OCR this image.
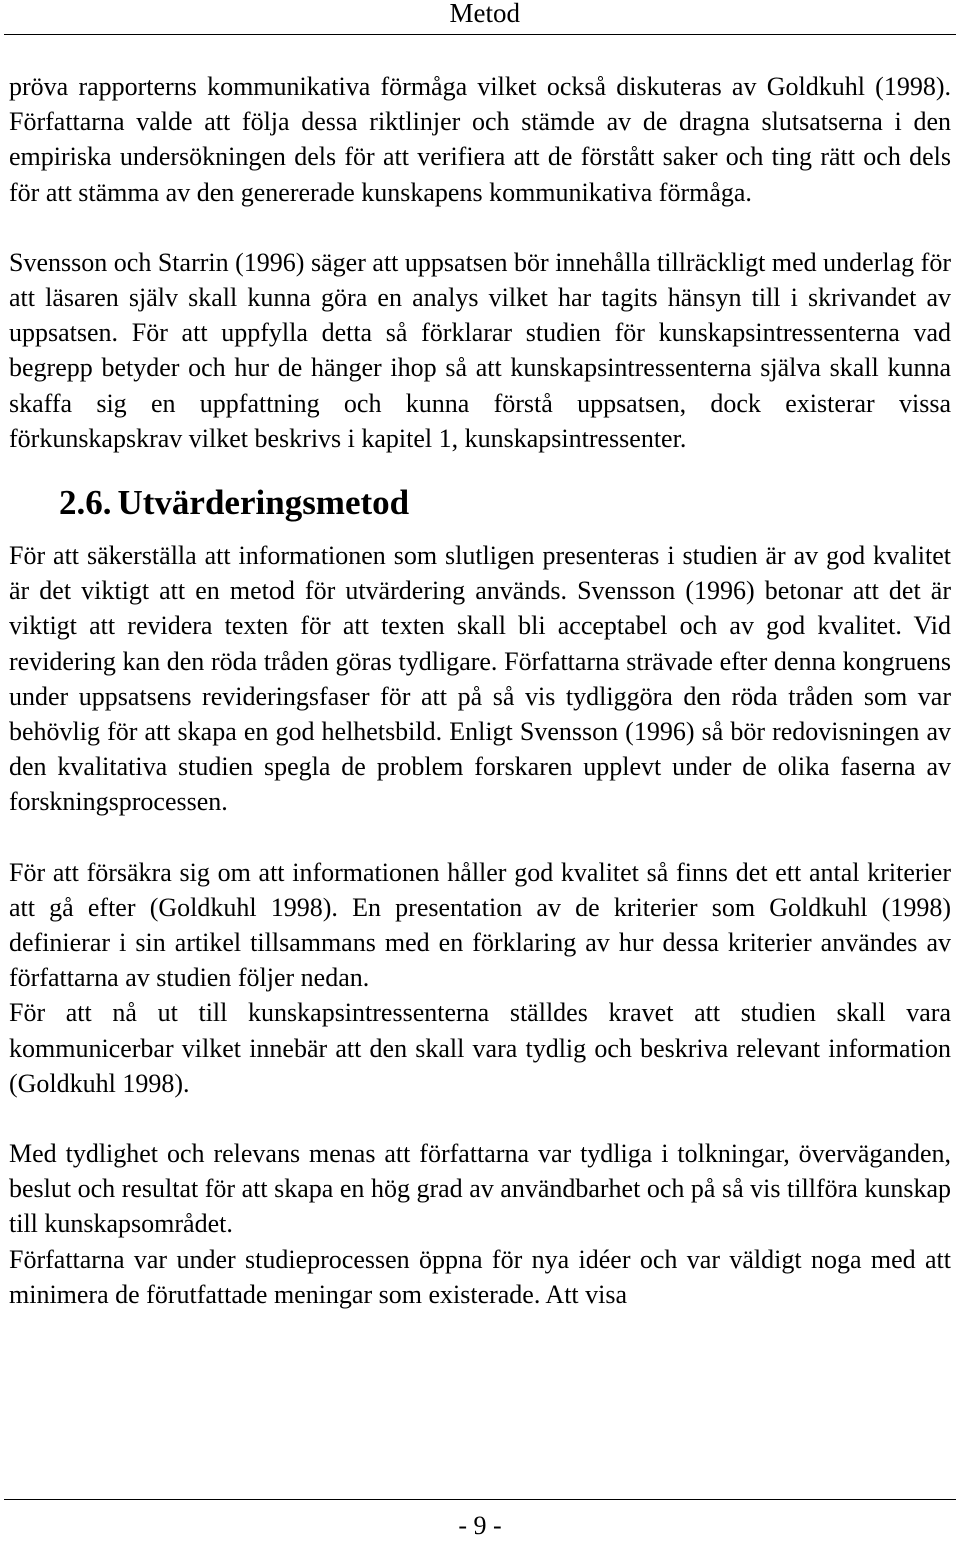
Metod

pröva rapporterns kommunikativa förmåga vilket också diskuteras av Goldkuhl (1998). Författarna valde att följa dessa riktlinjer och stämde av de dragna slutsatserna i den empiriska undersökningen dels för att verifiera att de förstått saker och ting rätt och dels för att stämma av den genererade kunskapens kommunikativa förmåga.

Svensson och Starrin (1996) säger att uppsatsen bör innehålla tillräckligt med underlag för att läsaren själv skall kunna göra en analys vilket har tagits hänsyn till i skrivandet av uppsatsen. För att uppfylla detta så förklarar studien för kunskapsintressenterna vad begrepp betyder och hur de hänger ihop så att kunskapsintressenterna själva skall kunna skaffa sig en uppfattning och kunna förstå uppsatsen, dock existerar vissa förkunskapskrav vilket beskrivs i kapitel 1, kunskapsintressenter.

2.6. Utvärderingsmetod

För att säkerställa att informationen som slutligen presenteras i studien är av god kvalitet är det viktigt att en metod för utvärdering används. Svensson (1996) betonar att det är viktigt att revidera texten för att texten skall bli acceptabel och av god kvalitet. Vid revidering kan den röda tråden göras tydligare. Författarna strävade efter denna kongruens under uppsatsens revideringsfaser för att på så vis tydliggöra den röda tråden som var behövlig för att skapa en god helhetsbild. Enligt Svensson (1996) så bör redovisningen av den kvalitativa studien spegla de problem forskaren upplevt under de olika faserna av forskningsprocessen.

För att försäkra sig om att informationen håller god kvalitet så finns det ett antal kriterier att gå efter (Goldkuhl 1998). En presentation av de kriterier som Goldkuhl (1998) definierar i sin artikel tillsammans med en förklaring av hur dessa kriterier användes av författarna av studien följer nedan.

För att nå ut till kunskapsintressenterna ställdes kravet att studien skall vara kommunicerbar vilket innebär att den skall vara tydlig och beskriva relevant information (Goldkuhl 1998).

Med tydlighet och relevans menas att författarna var tydliga i tolkningar, överväganden, beslut och resultat för att skapa en hög grad av användbarhet och på så vis tillföra kunskap till kunskapsområdet.

Författarna var under studieprocessen öppna för nya idéer och var väldigt noga med att minimera de förutfattade meningar som existerade. Att visa

- 9 -
